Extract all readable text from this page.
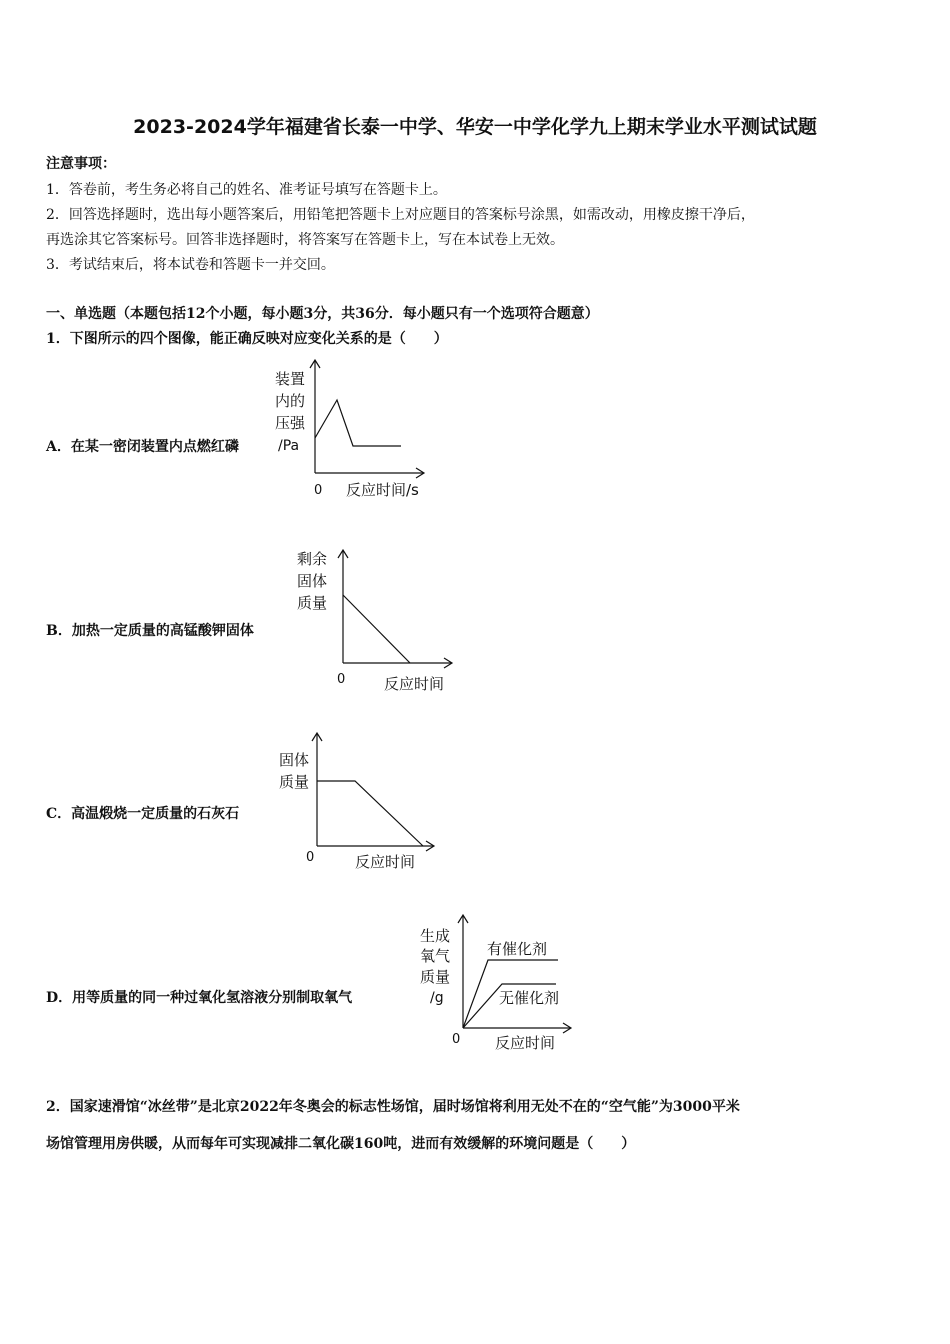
2023-2024学年福建省长泰一中学、华安一中学化学九上期末学业水平测试试题
注意事项：
1．答卷前，考生务必将自己的姓名、准考证号填写在答题卡上。
2．回答选择题时，选出每小题答案后，用铅笔把答题卡上对应题目的答案标号涂黑，如需改动，用橡皮擦干净后，
再选涂其它答案标号。回答非选择题时，将答案写在答题卡上，写在本试卷上无效。
3．考试结束后，将本试卷和答题卡一并交回。
一、单选题（本题包括12个小题，每小题3分，共36分．每小题只有一个选项符合题意）
1．下图所示的四个图像，能正确反映对应变化关系的是（　　）
A．在某一密闭装置内点燃红磷
装置
内的
压强
/Pa
0 反应时间/s
B．加热一定质量的高锰酸钾固体
剩余
固体
质量
0	反应时间
C．高温煅烧一定质量的石灰石
固体
质量
0	反应时间
D．用等质量的同一种过氧化氢溶液分别制取氧气
生成
氧气
质量
/g
0 反应时间
有催化剂
无催化剂
2．国家速滑馆“冰丝带”是北京2022年冬奥会的标志性场馆，届时场馆将利用无处不在的“空气能”为3000平米
场馆管理用房供暖，从而每年可实现减排二氧化碳160吨，进而有效缓解的环境问题是（　　）
